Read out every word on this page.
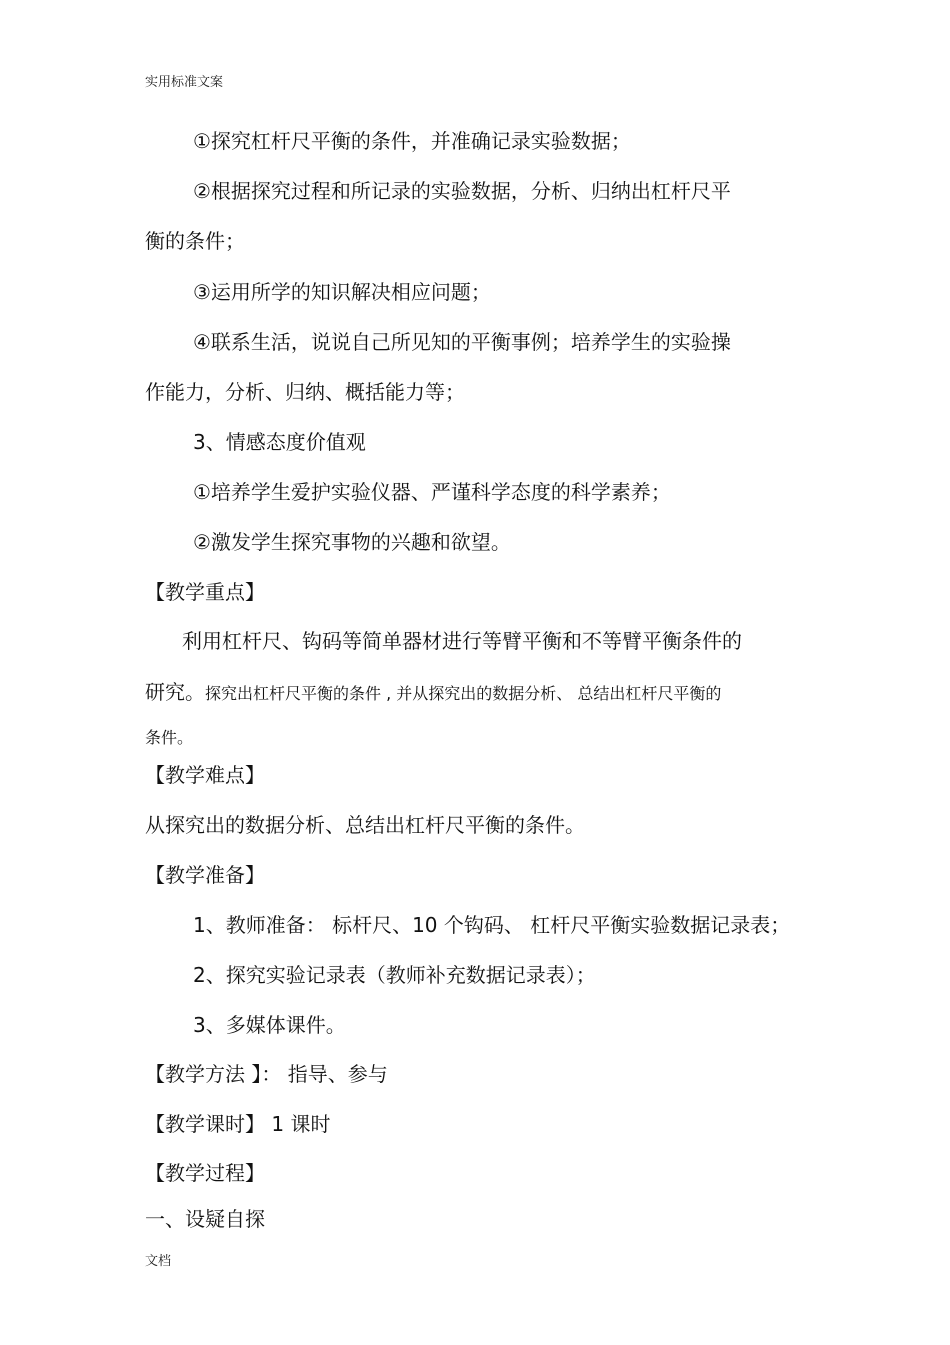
实用标准文案
①探究杠杆尺平衡的条件，并准确记录实验数据；
②根据探究过程和所记录的实验数据，分析、归纳出杠杆尺平
衡的条件；
③运用所学的知识解决相应问题；
④联系生活，说说自己所见知的平衡事例；培养学生的实验操
作能力，分析、归纳、概括能力等；
3、情感态度价值观
①培养学生爱护实验仪器、严谨科学态度的科学素养；
②激发学生探究事物的兴趣和欲望。
【教学重点】
利用杠杆尺、钩码等简单器材进行等臂平衡和不等臂平衡条件的
研究。探究出杠杆尺平衡的条件 , 并从探究出的数据分析、 总结出杠杆尺平衡的
条件。
【教学难点】
从探究出的数据分析、总结出杠杆尺平衡的条件。
【教学准备】
1、教师准备： 标杆尺、10 个钩码、 杠杆尺平衡实验数据记录表；
2、探究实验记录表（教师补充数据记录表）；
3、多媒体课件。
【教学方法 】： 指导、参与
【教学课时】 1 课时
【教学过程】
一、设疑自探
文档
